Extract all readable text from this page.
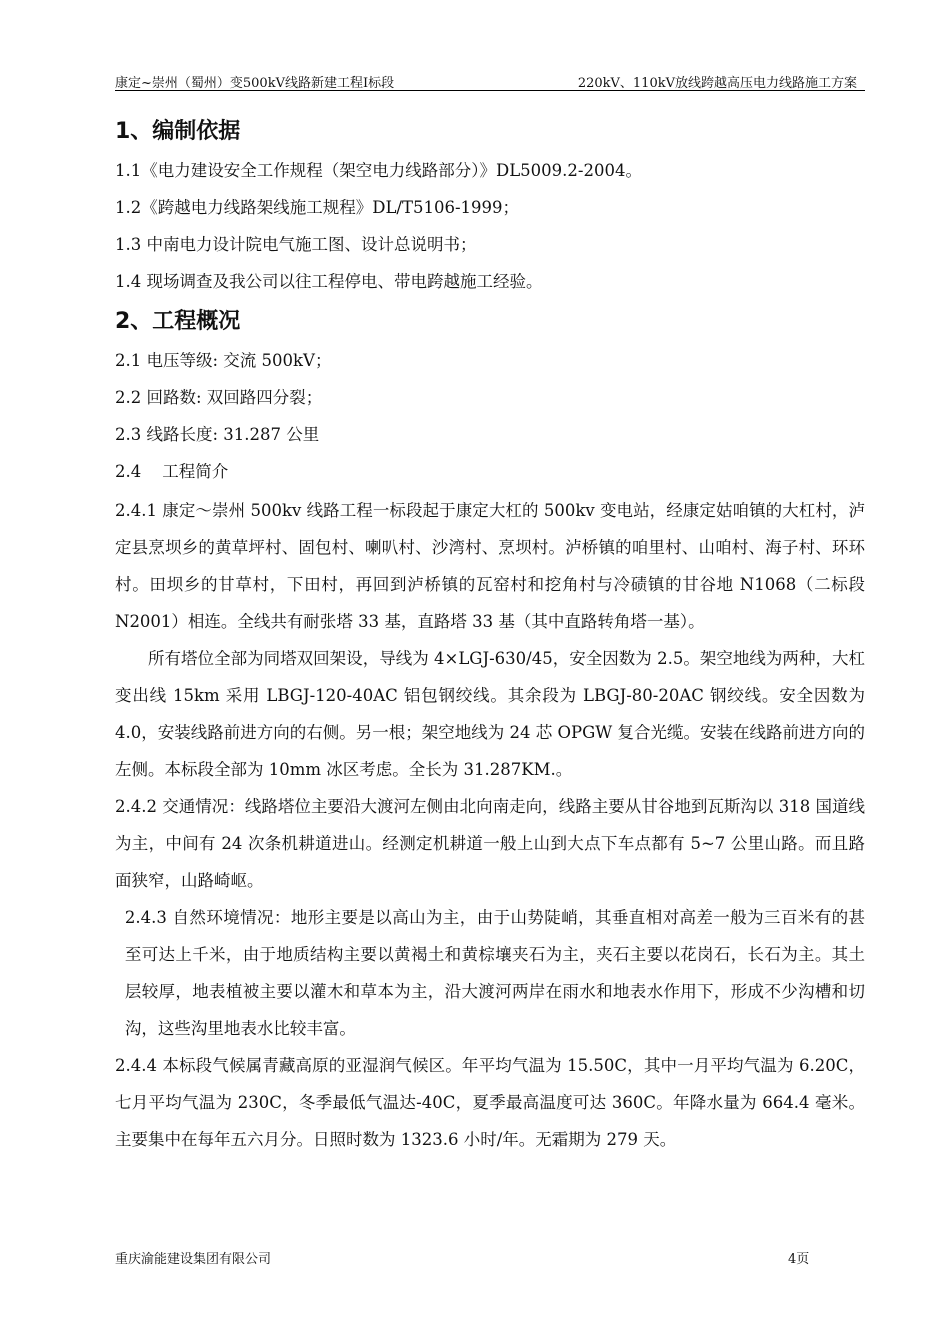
康定~崇州（蜀州）变500kV线路新建工程Ⅰ标段	220kV、110kV放线跨越高压电力线路施工方案
1、编制依据

1.1《电力建设安全工作规程（架空电力线路部分）》DL5009.2-2004。

1.2《跨越电力线路架线施工规程》DL/T5106-1999；

1.3 中南电力设计院电气施工图、设计总说明书；

1.4 现场调查及我公司以往工程停电、带电跨越施工经验。

2、工程概况

2.1 电压等级: 交流 500kV；

2.2 回路数: 双回路四分裂；

2.3 线路长度: 31.287 公里

2.4    工程简介

2.4.1 康定～崇州 500kv 线路工程一标段起于康定大杠的 500kv 变电站，经康定姑咱镇的大杠村，泸定县烹坝乡的黄草坪村、固包村、喇叭村、沙湾村、烹坝村。泸桥镇的咱里村、山咱村、海子村、环环村。田坝乡的甘草村，下田村，再回到泸桥镇的瓦窑村和挖角村与冷碛镇的甘谷地 N1068（二标段N2001）相连。全线共有耐张塔 33 基，直路塔 33 基（其中直路转角塔一基）。

所有塔位全部为同塔双回架设，导线为 4×LGJ-630/45，安全因数为 2.5。架空地线为两种，大杠变出线 15km 采用 LBGJ-120-40AC 铝包钢绞线。其余段为 LBGJ-80-20AC 钢绞线。安全因数为 4.0，安装线路前进方向的右侧。另一根；架空地线为 24 芯 OPGW 复合光缆。安装在线路前进方向的左侧。本标段全部为 10mm 冰区考虑。全长为 31.287KM.。

2.4.2 交通情况：线路塔位主要沿大渡河左侧由北向南走向，线路主要从甘谷地到瓦斯沟以 318 国道线为主，中间有 24 次条机耕道进山。经测定机耕道一般上山到大点下车点都有 5~7 公里山路。而且路面狭窄，山路崎岖。

2.4.3 自然环境情况：地形主要是以高山为主，由于山势陡峭，其垂直相对高差一般为三百米有的甚至可达上千米，由于地质结构主要以黄褐土和黄棕壤夹石为主，夹石主要以花岗石，长石为主。其土层较厚，地表植被主要以灌木和草本为主，沿大渡河两岸在雨水和地表水作用下，形成不少沟槽和切沟，这些沟里地表水比较丰富。

2.4.4 本标段气候属青藏高原的亚湿润气候区。年平均气温为 15.50C，其中一月平均气温为 6.20C，七月平均气温为 230C，冬季最低气温达-40C，夏季最高温度可达 360C。年降水量为 664.4 毫米。主要集中在每年五六月分。日照时数为 1323.6 小时/年。无霜期为 279 天。

重庆渝能建设集团有限公司	4页
